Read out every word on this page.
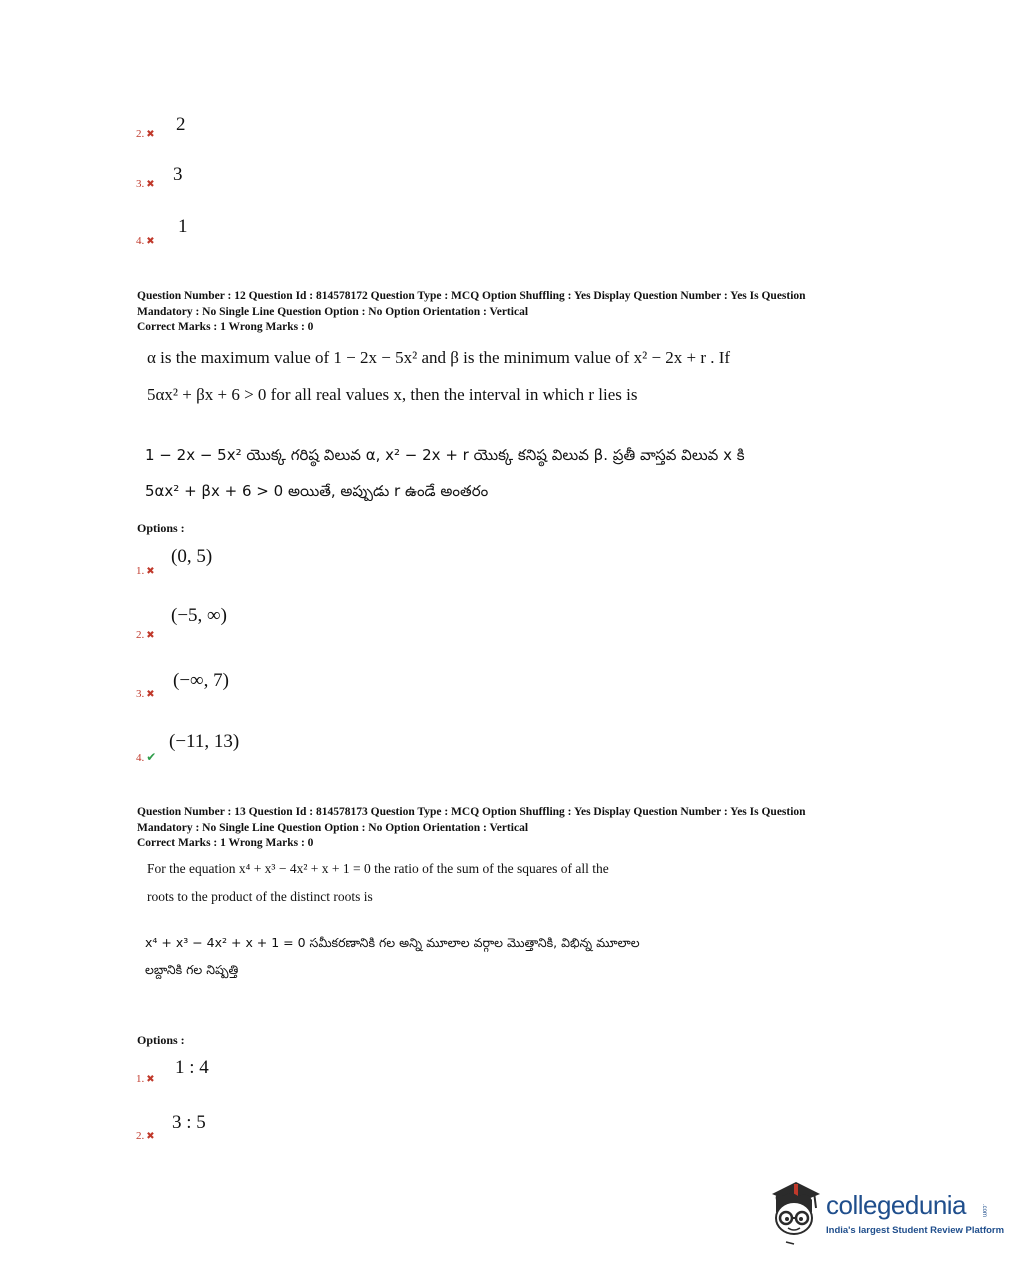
2. ✖ 2
3. ✖ 3
4. ✖
1
Question Number : 12 Question Id : 814578172 Question Type : MCQ Option Shuffling : Yes Display Question Number : Yes Is Question
Mandatory : No Single Line Question Option : No Option Orientation : Vertical
Correct Marks : 1 Wrong Marks : 0
α is the maximum value of 1 − 2x − 5x² and β is the minimum value of x² − 2x + r . If
5αx² + βx + 6 > 0 for all real values x, then the interval in which r lies is
1 − 2x − 5x² యొక్క గరిష్ఠ విలువ α, x² − 2x + r యొక్క కనిష్ఠ విలువ β. ప్రతీ వాస్తవ విలువ x కి
5αx² + βx + 6 > 0 అయితే, అప్పుడు r ఉండే అంతరం
Options :
1. ✖
(0, 5)
2. ✖
(−5, ∞)
3. ✖
(−∞, 7)
4. ✔
(−11, 13)
Question Number : 13 Question Id : 814578173 Question Type : MCQ Option Shuffling : Yes Display Question Number : Yes Is Question
Mandatory : No Single Line Question Option : No Option Orientation : Vertical
Correct Marks : 1 Wrong Marks : 0
For the equation x⁴ + x³ − 4x² + x + 1 = 0 the ratio of the sum of the squares of all the
roots to the product of the distinct roots is
x⁴ + x³ − 4x² + x + 1 = 0 సమీకరణానికి గల అన్ని మూలాల వర్గాల మొత్తానికి, విభిన్న మూలాల
లబ్దానికి గల నిష్పత్తి
Options :
1. ✖
1 : 4
2. ✖
3 : 5
collegedunia .com
India's largest Student Review Platform
